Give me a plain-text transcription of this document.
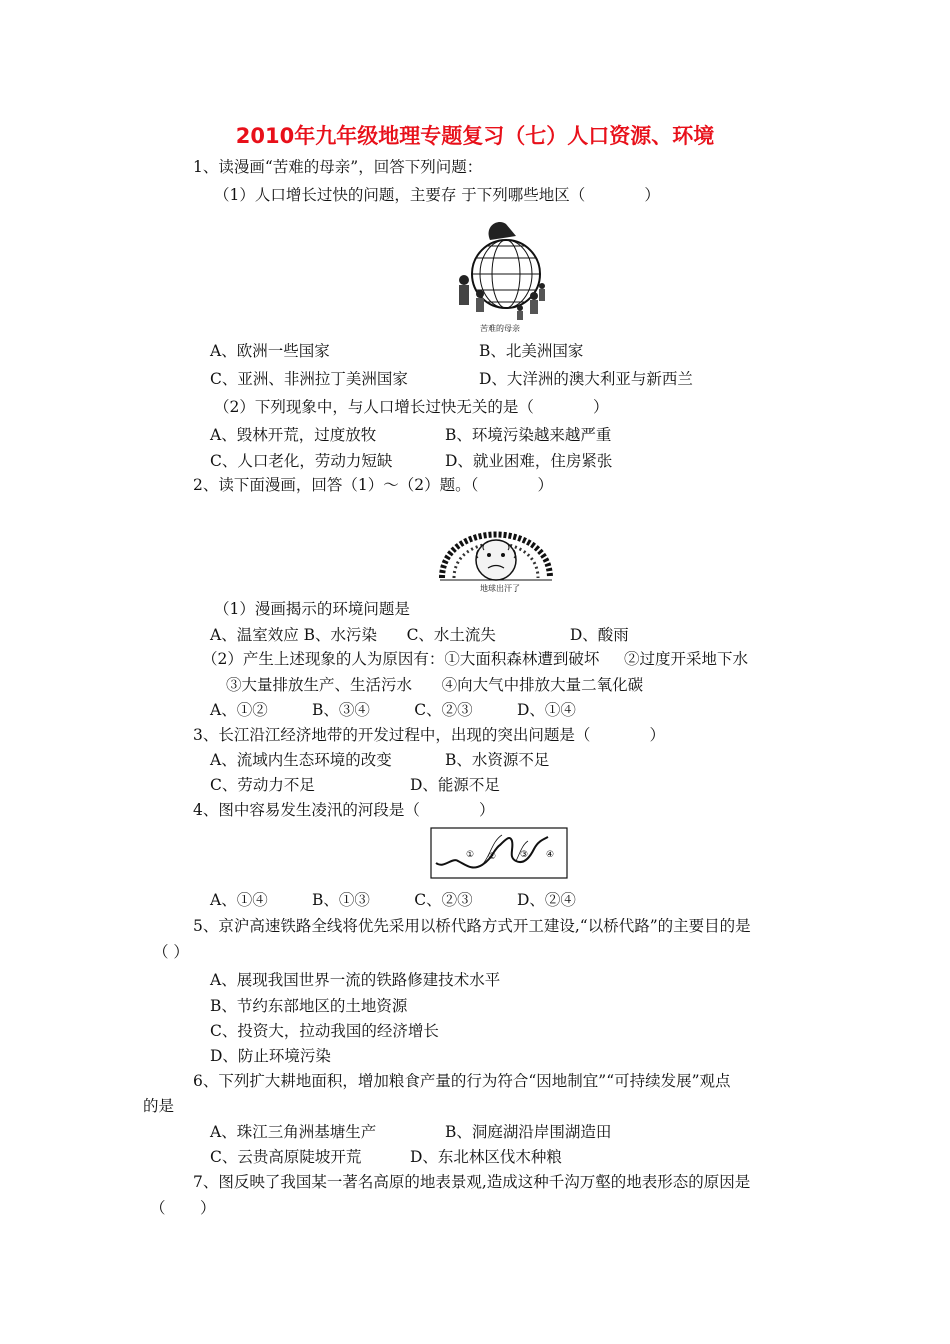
2010年九年级地理专题复习（七）人口资源、环境
1、读漫画“苦难的母亲”，回答下列问题：
（1）人口增长过快的问题，主要存 于下列哪些地区（            ）
苦难的母亲
A、欧洲一些国家	B、北美洲国家
C、亚洲、非洲拉丁美洲国家	D、大洋洲的澳大利亚与新西兰
（2）下列现象中，与人口增长过快无关的是（            ）
A、毁林开荒，过度放牧	B、环境污染越来越严重
C、人口老化，劳动力短缺	D、就业困难，住房紧张
2、读下面漫画，回答（1）～（2）题。（            ）
地球出汗了
（1）漫画揭示的环境问题是
A、温室效应 B、水污染      C、水土流失               D、酸雨
（2）产生上述现象的人为原因有：①大面积森林遭到破坏     ②过度开采地下水
③大量排放生产、生活污水      ④向大气中排放大量二氧化碳
A、①②         B、③④         C、②③         D、①④
3、长江沿江经济地带的开发过程中，出现的突出问题是（            ）
A、流域内生态环境的改变	B、水资源不足
C、劳动力不足	D、能源不足
4、图中容易发生凌汛的河段是（            ）
① ②	③ ④
A、①④         B、①③         C、②③         D、②④
5、京沪高速铁路全线将优先采用以桥代路方式开工建设,“以桥代路”的主要目的是
（ ）
A、展现我国世界一流的铁路修建技术水平
B、节约东部地区的土地资源
C、投资大，拉动我国的经济增长
D、防止环境污染
6、下列扩大耕地面积，增加粮食产量的行为符合“因地制宜”“可持续发展”观点
的是
A、珠江三角洲基塘生产	B、洞庭湖沿岸围湖造田
C、云贵高原陡坡开荒	D、东北林区伐木种粮
7、图反映了我国某一著名高原的地表景观,造成这种千沟万壑的地表形态的原因是
（       ）
